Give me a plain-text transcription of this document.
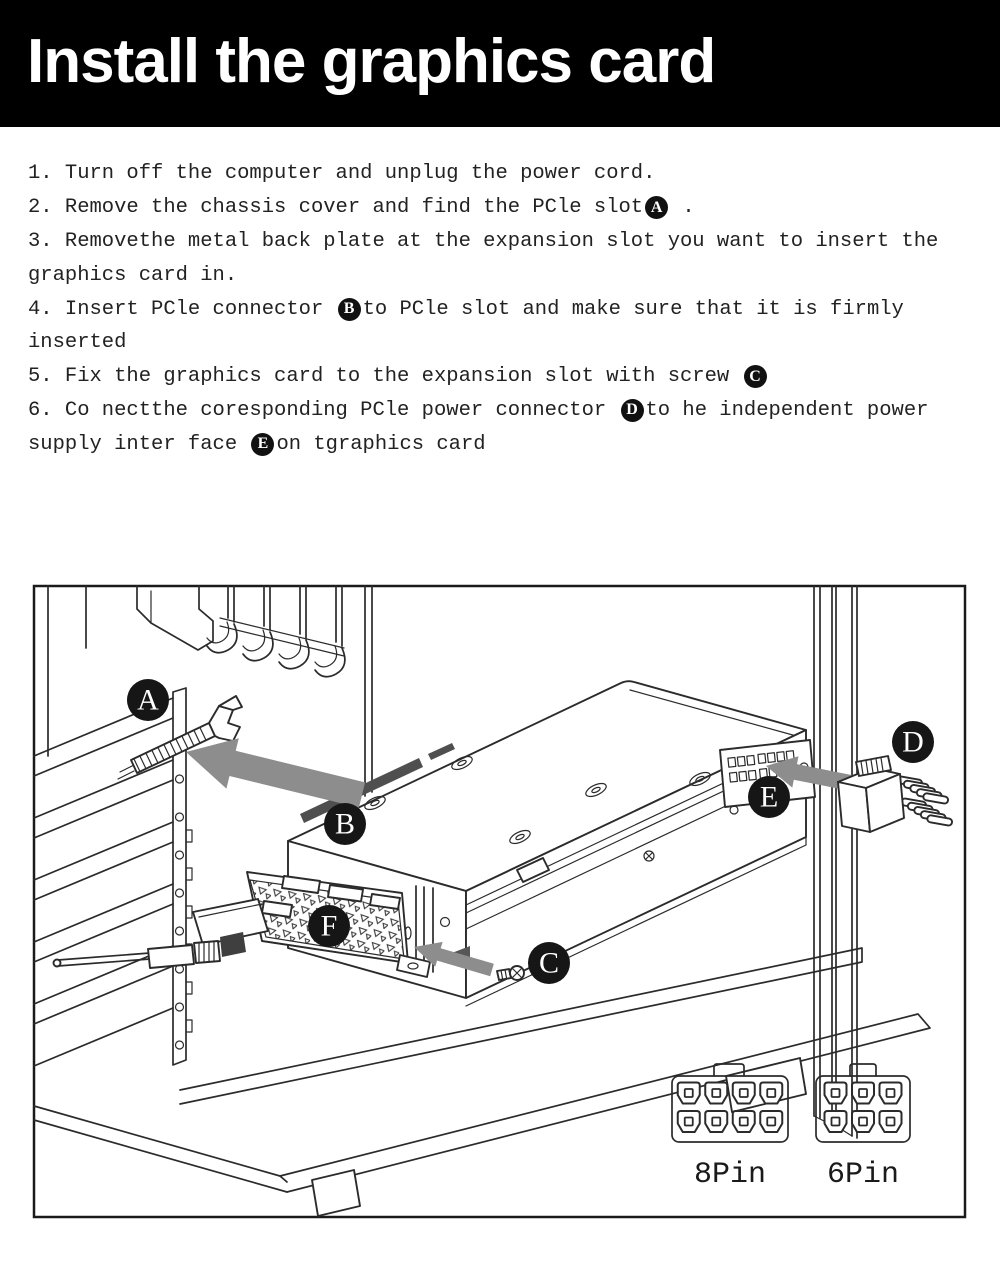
Install the graphics card
1. Turn off the computer and unplug the power cord.
2. Remove the chassis cover and find the PCle slot A .
3. Removethe metal back plate at the expansion slot you want to insert the
graphics card in.
4. Insert PCle connector B to PCle slot and make sure that it is firmly
inserted
5. Fix the graphics card to the expansion slot with screw C
6. Co nectthe coresponding PCle power connector D to he independent power
supply inter face E on tgraphics card
8Pin 6Pin
A
B
C
D
E
F
